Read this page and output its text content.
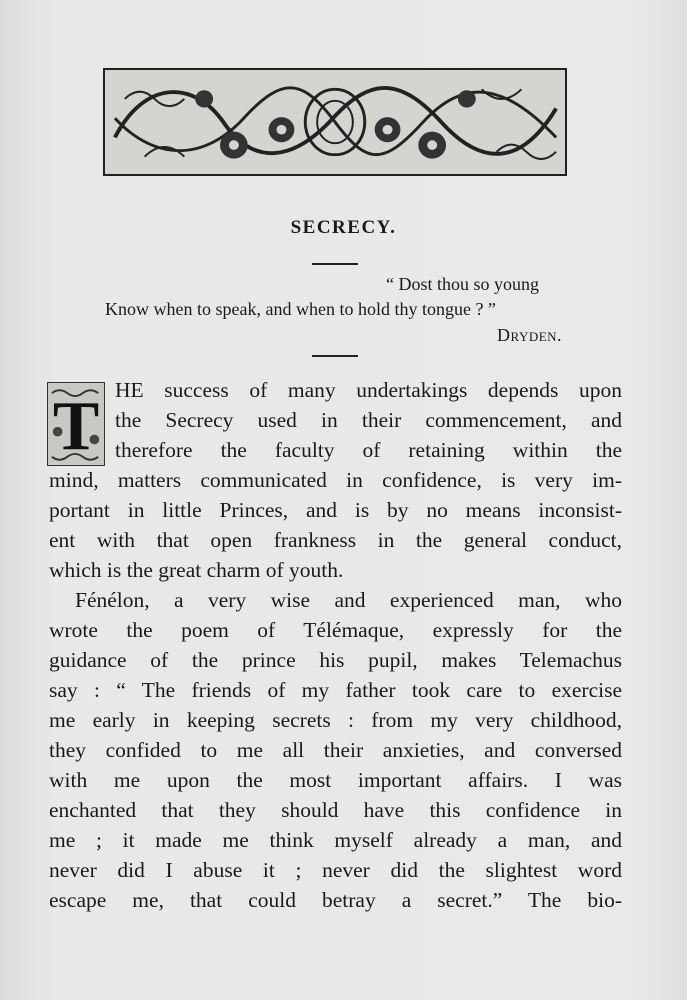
SECRECY.
“ Dost thou so young
Know when to speak, and when to hold thy tongue ? ”
Dryden.
T HE success of many undertakings depends upon
the Secrecy used in their commencement, and
therefore the faculty of retaining within the
mind, matters communicated in confidence, is very im-
portant in little Princes, and is by no means inconsist-
ent with that open frankness in the general conduct,
which is the great charm of youth.
Fénélon, a very wise and experienced man, who
wrote the poem of Télémaque, expressly for the
guidance of the prince his pupil, makes Telemachus
say : “ The friends of my father took care to exercise
me early in keeping secrets : from my very childhood,
they confided to me all their anxieties, and conversed
with me upon the most important affairs. I was
enchanted that they should have this confidence in
me ; it made me think myself already a man, and
never did I abuse it ; never did the slightest word
escape me, that could betray a secret.” The bio-
